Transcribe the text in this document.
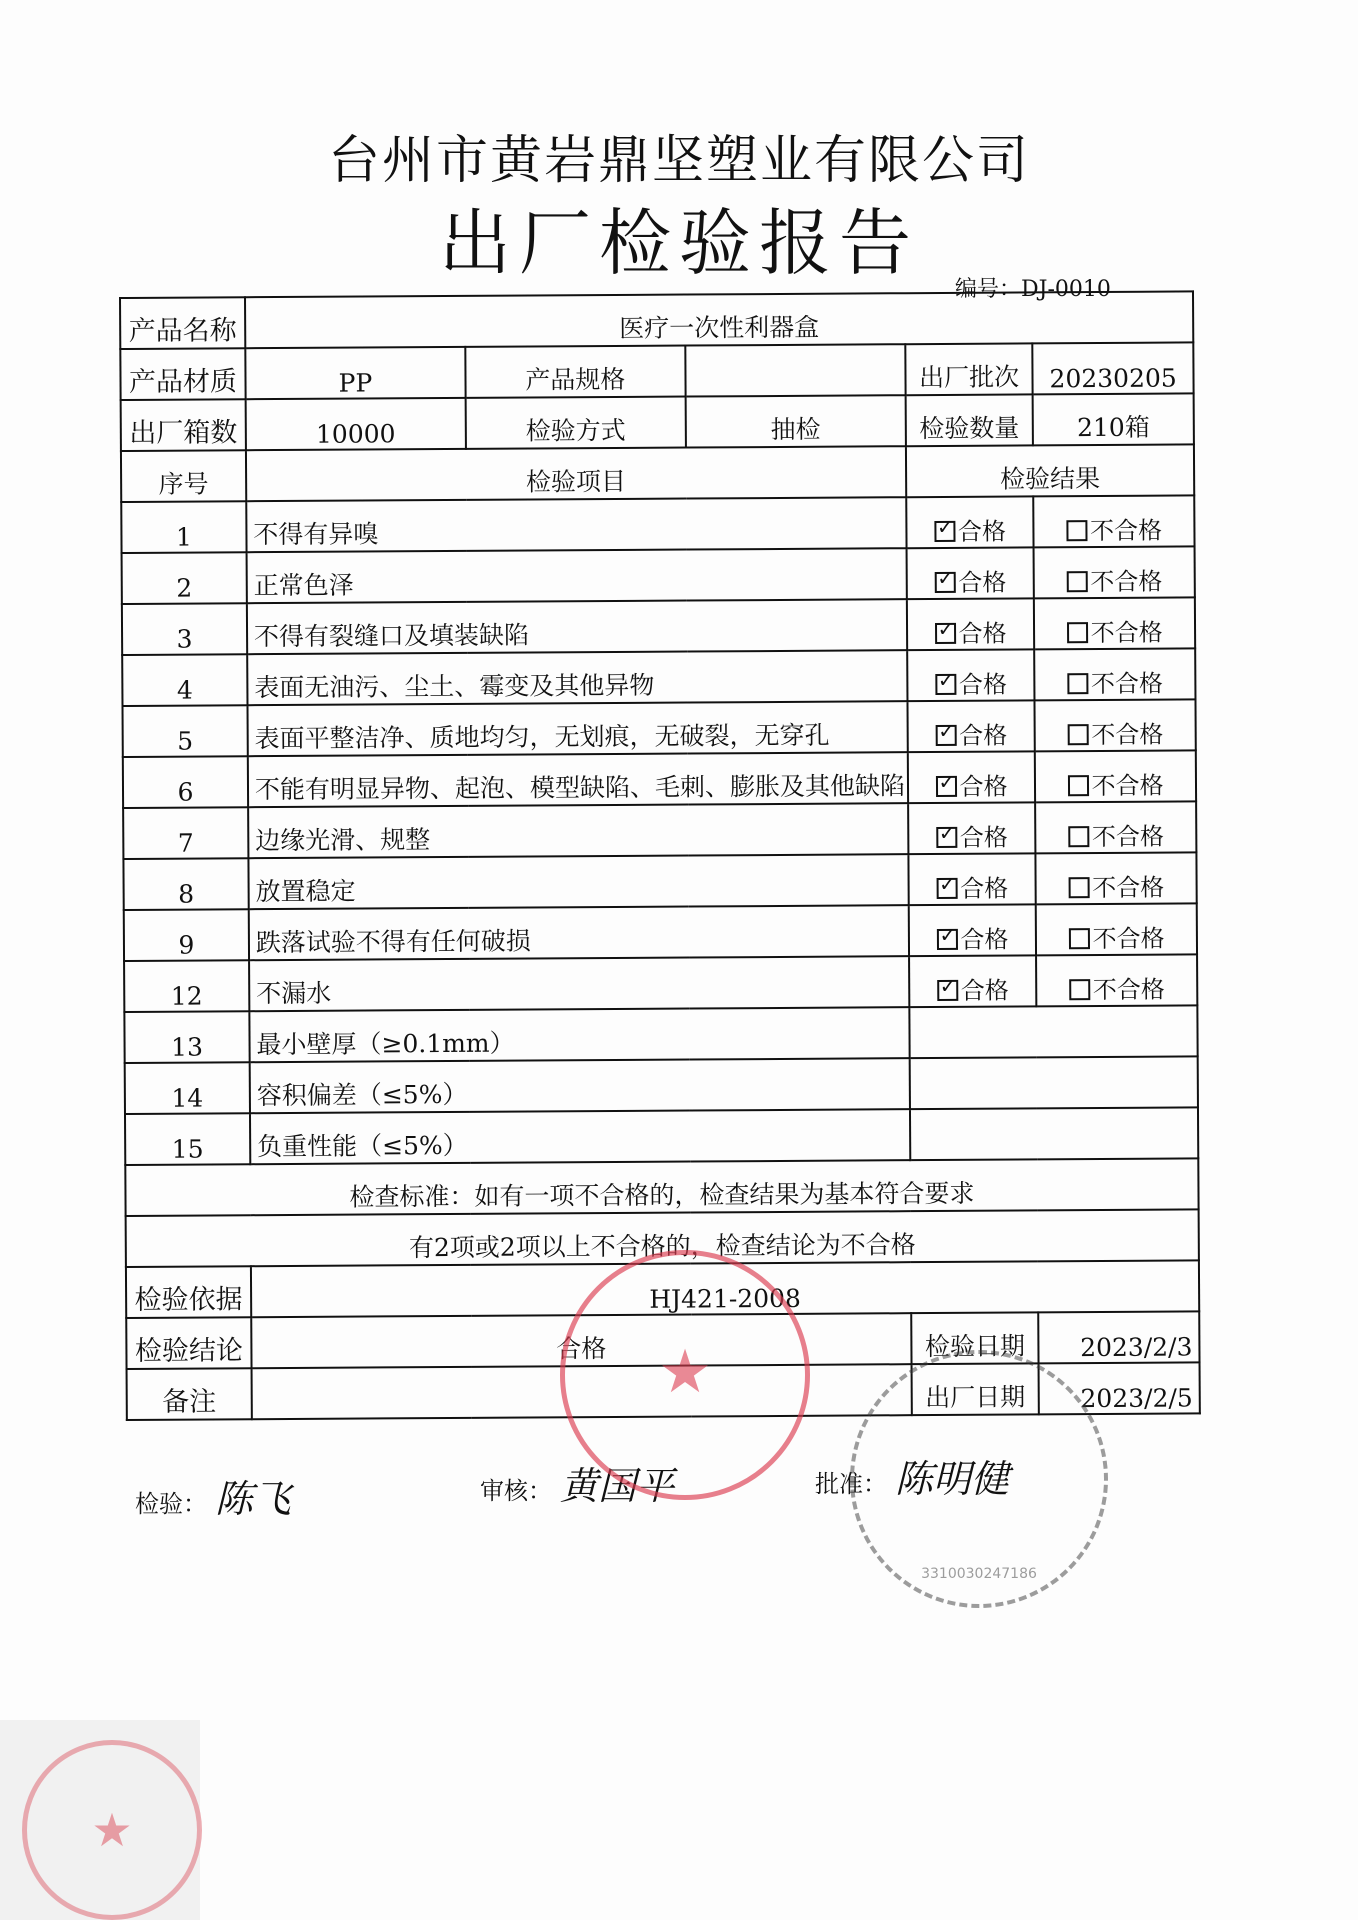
台州市黄岩鼎坚塑业有限公司
出厂检验报告
编号：DJ-0010
产品名称	医疗一次性利器盒				
产品材质	PP	产品规格		出厂批次	20230205
出厂箱数	10000	检验方式	抽检	检验数量	210箱
序号	检验项目			检验结果	
1	不得有异嗅	✓合格	不合格
2	正常色泽	✓合格	不合格
3	不得有裂缝口及填装缺陷	✓合格	不合格
4	表面无油污、尘土、霉变及其他异物	✓合格	不合格
5	表面平整洁净、质地均匀，无划痕，无破裂，无穿孔	✓合格	不合格
6	不能有明显异物、起泡、模型缺陷、毛刺、膨胀及其他缺陷	✓合格	不合格
7	边缘光滑、规整	✓合格	不合格
8	放置稳定	✓合格	不合格
9	跌落试验不得有任何破损	✓合格	不合格
12	不漏水	✓合格	不合格
13	最小壁厚（≥0.1mm）				
14	容积偏差（≤5%）				
15	负重性能（≤5%）				
检查标准：如有一项不合格的，检查结果为基本符合要求					
有2项或2项以上不合格的，检查结论为不合格					
检验依据	HJ421-2008				
检验结论	合格			检验日期	2023/2/3
备注				出厂日期	2023/2/5
检验： 陈飞	审核： 黄国平	批准： 陈明健
★
3310030247186
★
